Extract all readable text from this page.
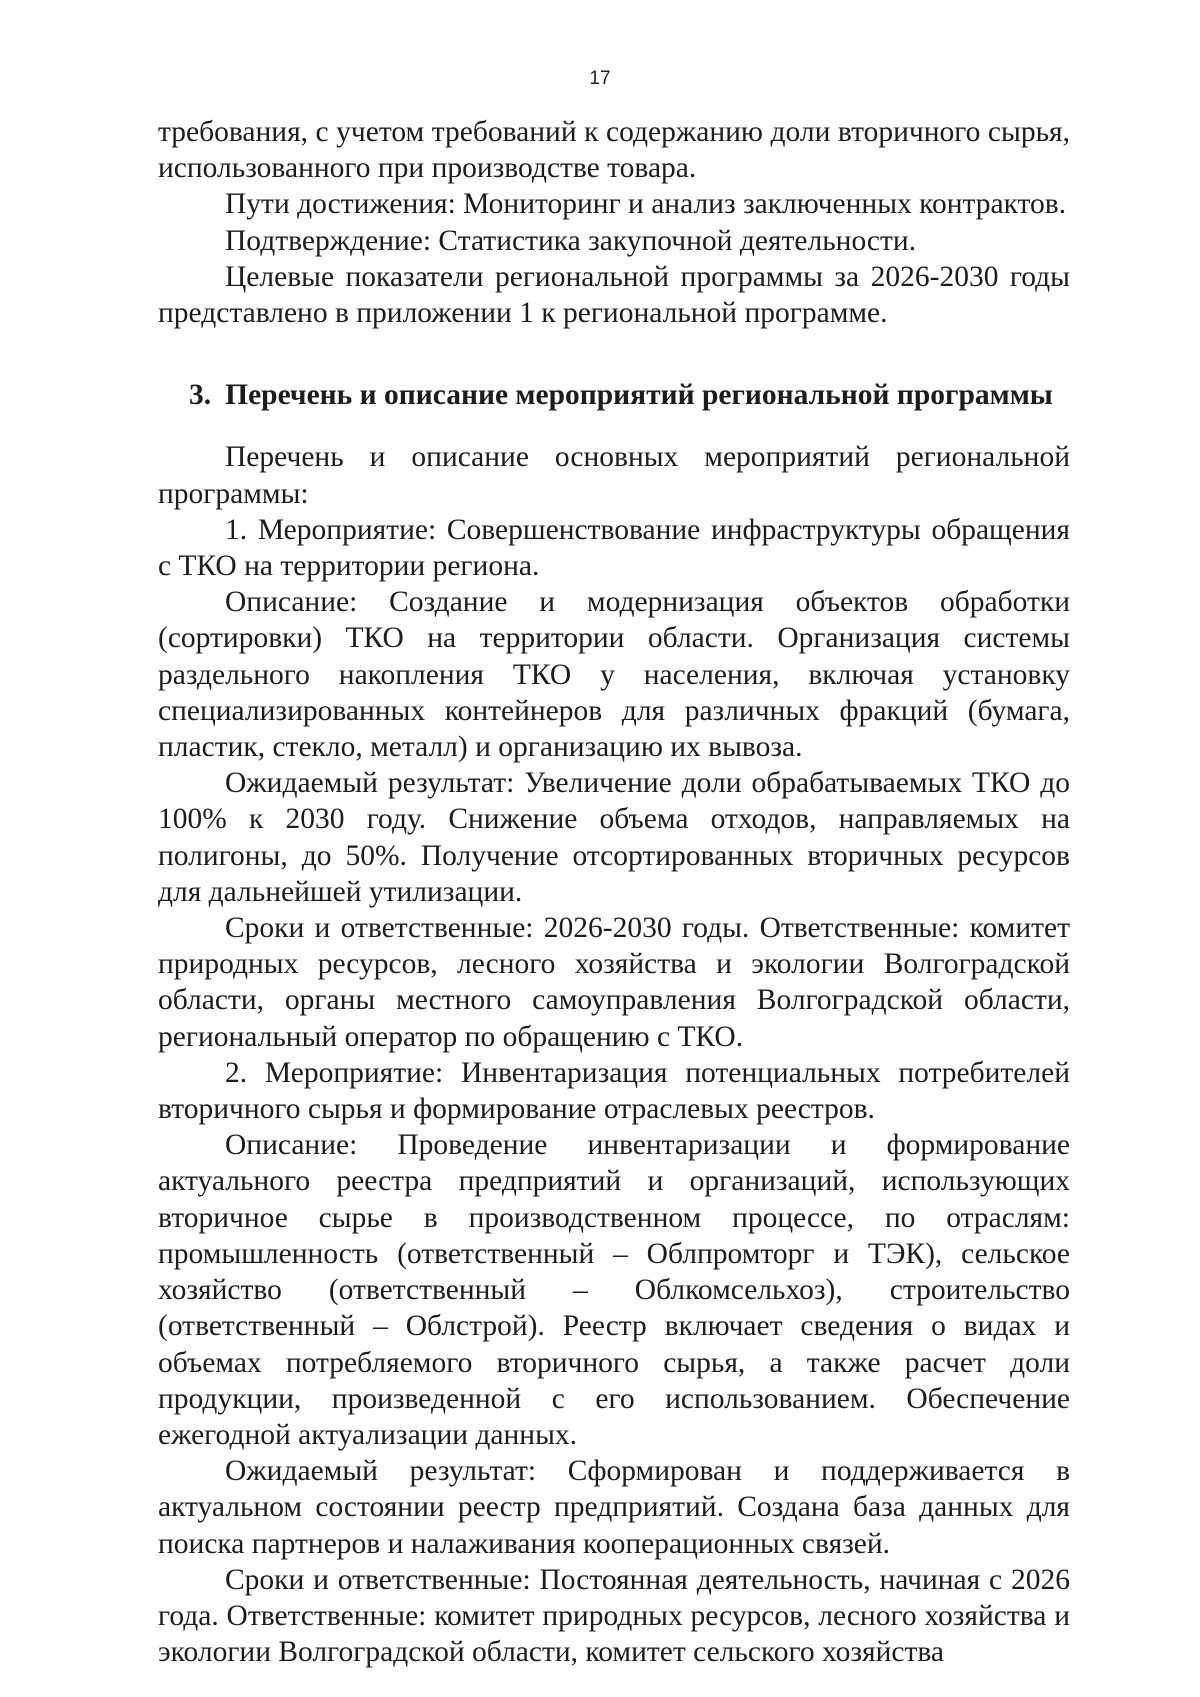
17

требования, с учетом требований к содержанию доли вторичного сырья, использованного при производстве товара.

Пути достижения: Мониторинг и анализ заключенных контрактов.

Подтверждение: Статистика закупочной деятельности.

Целевые показатели региональной программы за 2026-2030 годы представлено в приложении 1 к региональной программе.

3. Перечень и описание мероприятий региональной программы

Перечень и описание основных мероприятий региональной программы:

1. Мероприятие: Совершенствование инфраструктуры обращения с ТКО на территории региона.

Описание: Создание и модернизация объектов обработки (сортировки) ТКО на территории области. Организация системы раздельного накопления ТКО у населения, включая установку специализированных контейнеров для различных фракций (бумага, пластик, стекло, металл) и организацию их вывоза.

Ожидаемый результат: Увеличение доли обрабатываемых ТКО до 100% к 2030 году. Снижение объема отходов, направляемых на полигоны, до 50%. Получение отсортированных вторичных ресурсов для дальнейшей утилизации.

Сроки и ответственные: 2026-2030 годы. Ответственные: комитет природных ресурсов, лесного хозяйства и экологии Волгоградской области, органы местного самоуправления Волгоградской области, региональный оператор по обращению с ТКО.

2. Мероприятие: Инвентаризация потенциальных потребителей вторичного сырья и формирование отраслевых реестров.

Описание: Проведение инвентаризации и формирование актуального реестра предприятий и организаций, использующих вторичное сырье в производственном процессе, по отраслям: промышленность (ответственный – Облпромторг и ТЭК), сельское хозяйство (ответственный – Облкомсельхоз), строительство (ответственный – Облстрой). Реестр включает сведения о видах и объемах потребляемого вторичного сырья, а также расчет доли продукции, произведенной с его использованием. Обеспечение ежегодной актуализации данных.

Ожидаемый результат: Сформирован и поддерживается в актуальном состоянии реестр предприятий. Создана база данных для поиска партнеров и налаживания кооперационных связей.

Сроки и ответственные: Постоянная деятельность, начиная с 2026 года. Ответственные: комитет природных ресурсов, лесного хозяйства и экологии Волгоградской области, комитет сельского хозяйства
